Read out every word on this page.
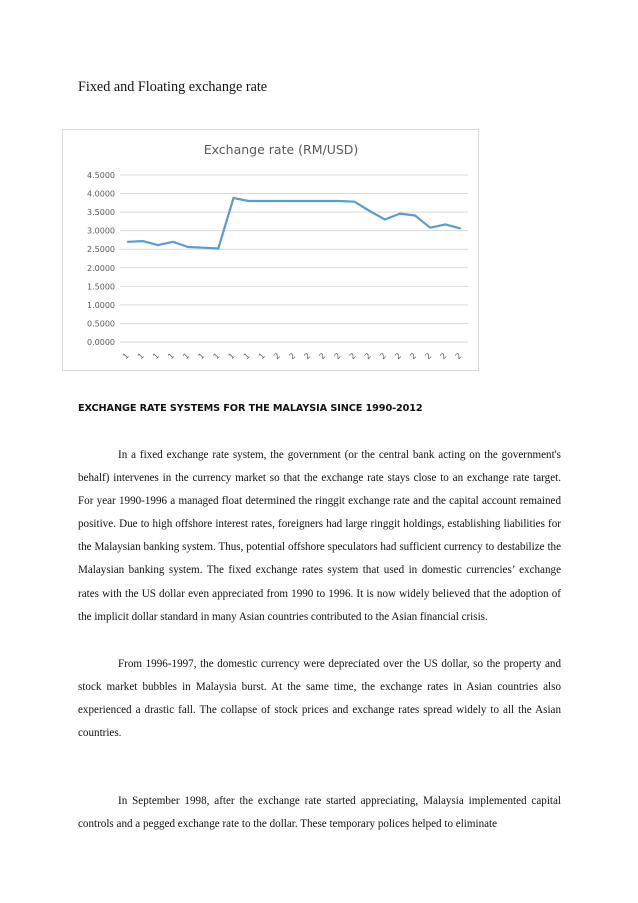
Fixed and Floating exchange rate
Exchange rate (RM/USD)
0.0000
0.5000
1.0000
1.5000
2.0000
2.5000
3.0000
3.5000
4.0000
4.5000
1 1 1 1 1 1 1 1 1 1 2 2 2 2 2 2 2 2 2 2 2 2 2
EXCHANGE RATE SYSTEMS FOR THE MALAYSIA SINCE 1990-2012

In a fixed exchange rate system, the government (or the central bank acting on the government's behalf) intervenes in the currency market so that the exchange rate stays close to an exchange rate target. For year 1990-1996 a managed float determined the ringgit exchange rate and the capital account remained positive. Due to high offshore interest rates, foreigners had large ringgit holdings, establishing liabilities for the Malaysian banking system. Thus, potential offshore speculators had sufficient currency to destabilize the Malaysian banking system. The fixed exchange rates system that used in domestic currencies’ exchange rates with the US dollar even appreciated from 1990 to 1996. It is now widely believed that the adoption of the implicit dollar standard in many Asian countries contributed to the Asian financial crisis.

From 1996-1997, the domestic currency were depreciated over the US dollar, so the property and stock market bubbles in Malaysia burst. At the same time, the exchange rates in Asian countries also experienced a drastic fall. The collapse of stock prices and exchange rates spread widely to all the Asian countries.

In September 1998, after the exchange rate started appreciating, Malaysia implemented capital controls and a pegged exchange rate to the dollar. These temporary polices helped to eliminate
